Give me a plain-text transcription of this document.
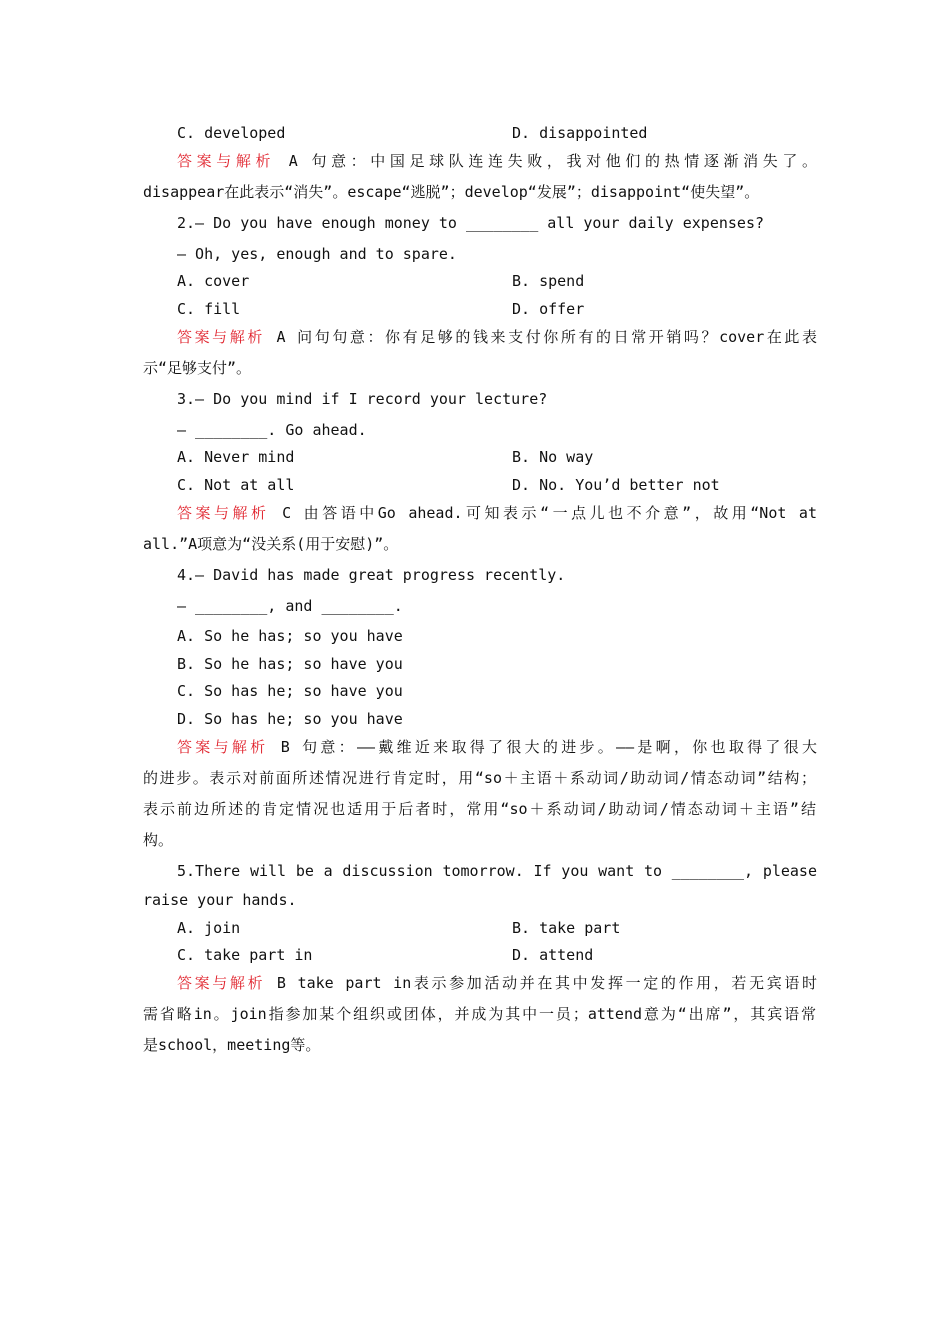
C. developed	D. disappointed
答案与解析 A 句意：中国足球队连连失败，我对他们的热情逐渐消失了。
disappear在此表示“消失”。escape“逃脱”；develop“发展”；disappoint“使失望”。
2.— Do you have enough money to ________ all your daily expenses?
— Oh, yes, enough and to spare.
A. cover	B. spend
C. fill	D. offer
答案与解析 A 问句句意：你有足够的钱来支付你所有的日常开销吗？cover在此表
示“足够支付”。
3.— Do you mind if I record your lecture?
— ________. Go ahead.
A. Never mind	B. No way
C. Not at all	D. No. You’d better not
答案与解析 C 由答语中Go ahead.可知表示“一点儿也不介意”，故用“Not at
all.”A项意为“没关系(用于安慰)”。
4.— David has made great progress recently.
— ________, and ________.
A. So he has; so you have
B. So he has; so have you
C. So has he; so have you
D. So has he; so you have
答案与解析 B 句意：——戴维近来取得了很大的进步。——是啊，你也取得了很大
的进步。表示对前面所述情况进行肯定时，用“so＋主语＋系动词/助动词/情态动词”结构；
表示前边所述的肯定情况也适用于后者时，常用“so＋系动词/助动词/情态动词＋主语”结
构。
5.There will be a discussion tomorrow. If you want to ________, please
raise your hands.
A. join	B. take part
C. take part in	D. attend
答案与解析 B take part in表示参加活动并在其中发挥一定的作用，若无宾语时
需省略in。join指参加某个组织或团体，并成为其中一员；attend意为“出席”，其宾语常
是school，meeting等。
